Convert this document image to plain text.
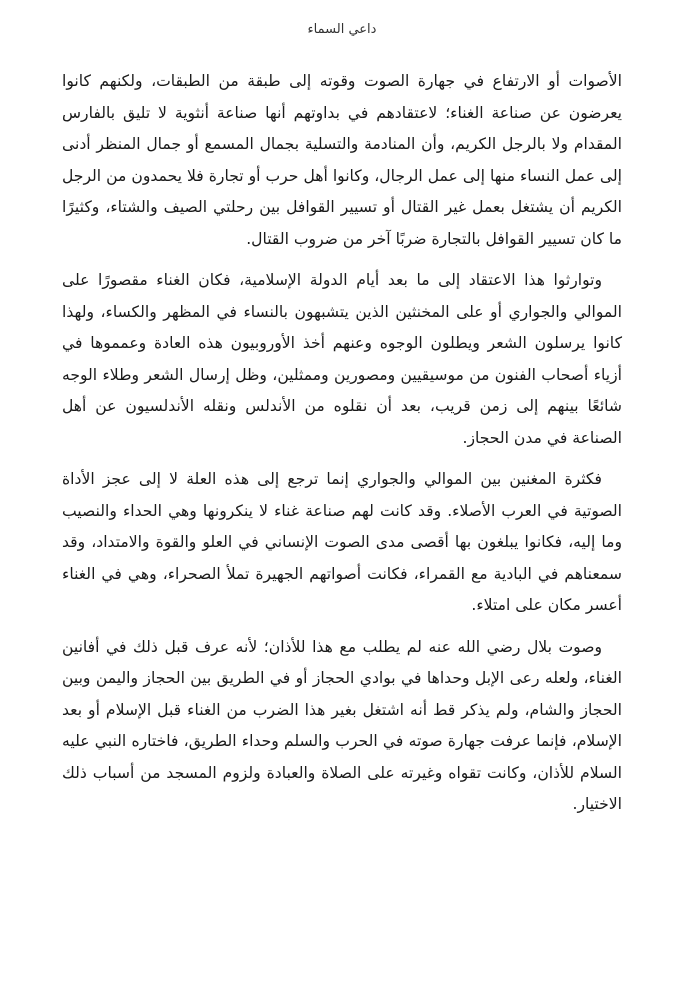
داعي السماء

الأصوات أو الارتفاع في جهارة الصوت وقوته إلى طبقة من الطبقات، ولكنهم كانوا يعرضون عن صناعة الغناء؛ لاعتقادهم في بداوتهم أنها صناعة أنثوية لا تليق بالفارس المقدام ولا بالرجل الكريم، وأن المنادمة والتسلية بجمال المسمع أو جمال المنظر أدنى إلى عمل النساء منها إلى عمل الرجال، وكانوا أهل حرب أو تجارة فلا يحمدون من الرجل الكريم أن يشتغل بعمل غير القتال أو تسيير القوافل بين رحلتي الصيف والشتاء، وكثيرًا ما كان تسيير القوافل بالتجارة ضربًا آخر من ضروب القتال.

وتوارثوا هذا الاعتقاد إلى ما بعد أيام الدولة الإسلامية، فكان الغناء مقصورًا على الموالي والجواري أو على المخنثين الذين يتشبهون بالنساء في المظهر والكساء، ولهذا كانوا يرسلون الشعر ويطلون الوجوه وعنهم أخذ الأوروبيون هذه العادة وعمموها في أزياء أصحاب الفنون من موسيقيين ومصورين وممثلين، وظل إرسال الشعر وطلاء الوجه شائعًا بينهم إلى زمن قريب، بعد أن نقلوه من الأندلس ونقله الأندلسيون عن أهل الصناعة في مدن الحجاز.

فكثرة المغنين بين الموالي والجواري إنما ترجع إلى هذه العلة لا إلى عجز الأداة الصوتية في العرب الأصلاء. وقد كانت لهم صناعة غناء لا ينكرونها وهي الحداء والنصيب وما إليه، فكانوا يبلغون بها أقصى مدى الصوت الإنساني في العلو والقوة والامتداد، وقد سمعناهم في البادية مع القمراء، فكانت أصواتهم الجهيرة تملأ الصحراء، وهي في الغناء أعسر مكان على امتلاء.

وصوت بلال رضي الله عنه لم يطلب مع هذا للأذان؛ لأنه عرف قبل ذلك في أفانين الغناء، ولعله رعى الإبل وحداها في بوادي الحجاز أو في الطريق بين الحجاز واليمن وبين الحجاز والشام، ولم يذكر قط أنه اشتغل بغير هذا الضرب من الغناء قبل الإسلام أو بعد الإسلام، فإنما عرفت جهارة صوته في الحرب والسلم وحداء الطريق، فاختاره النبي عليه السلام للأذان، وكانت تقواه وغيرته على الصلاة والعبادة ولزوم المسجد من أسباب ذلك الاختيار.
